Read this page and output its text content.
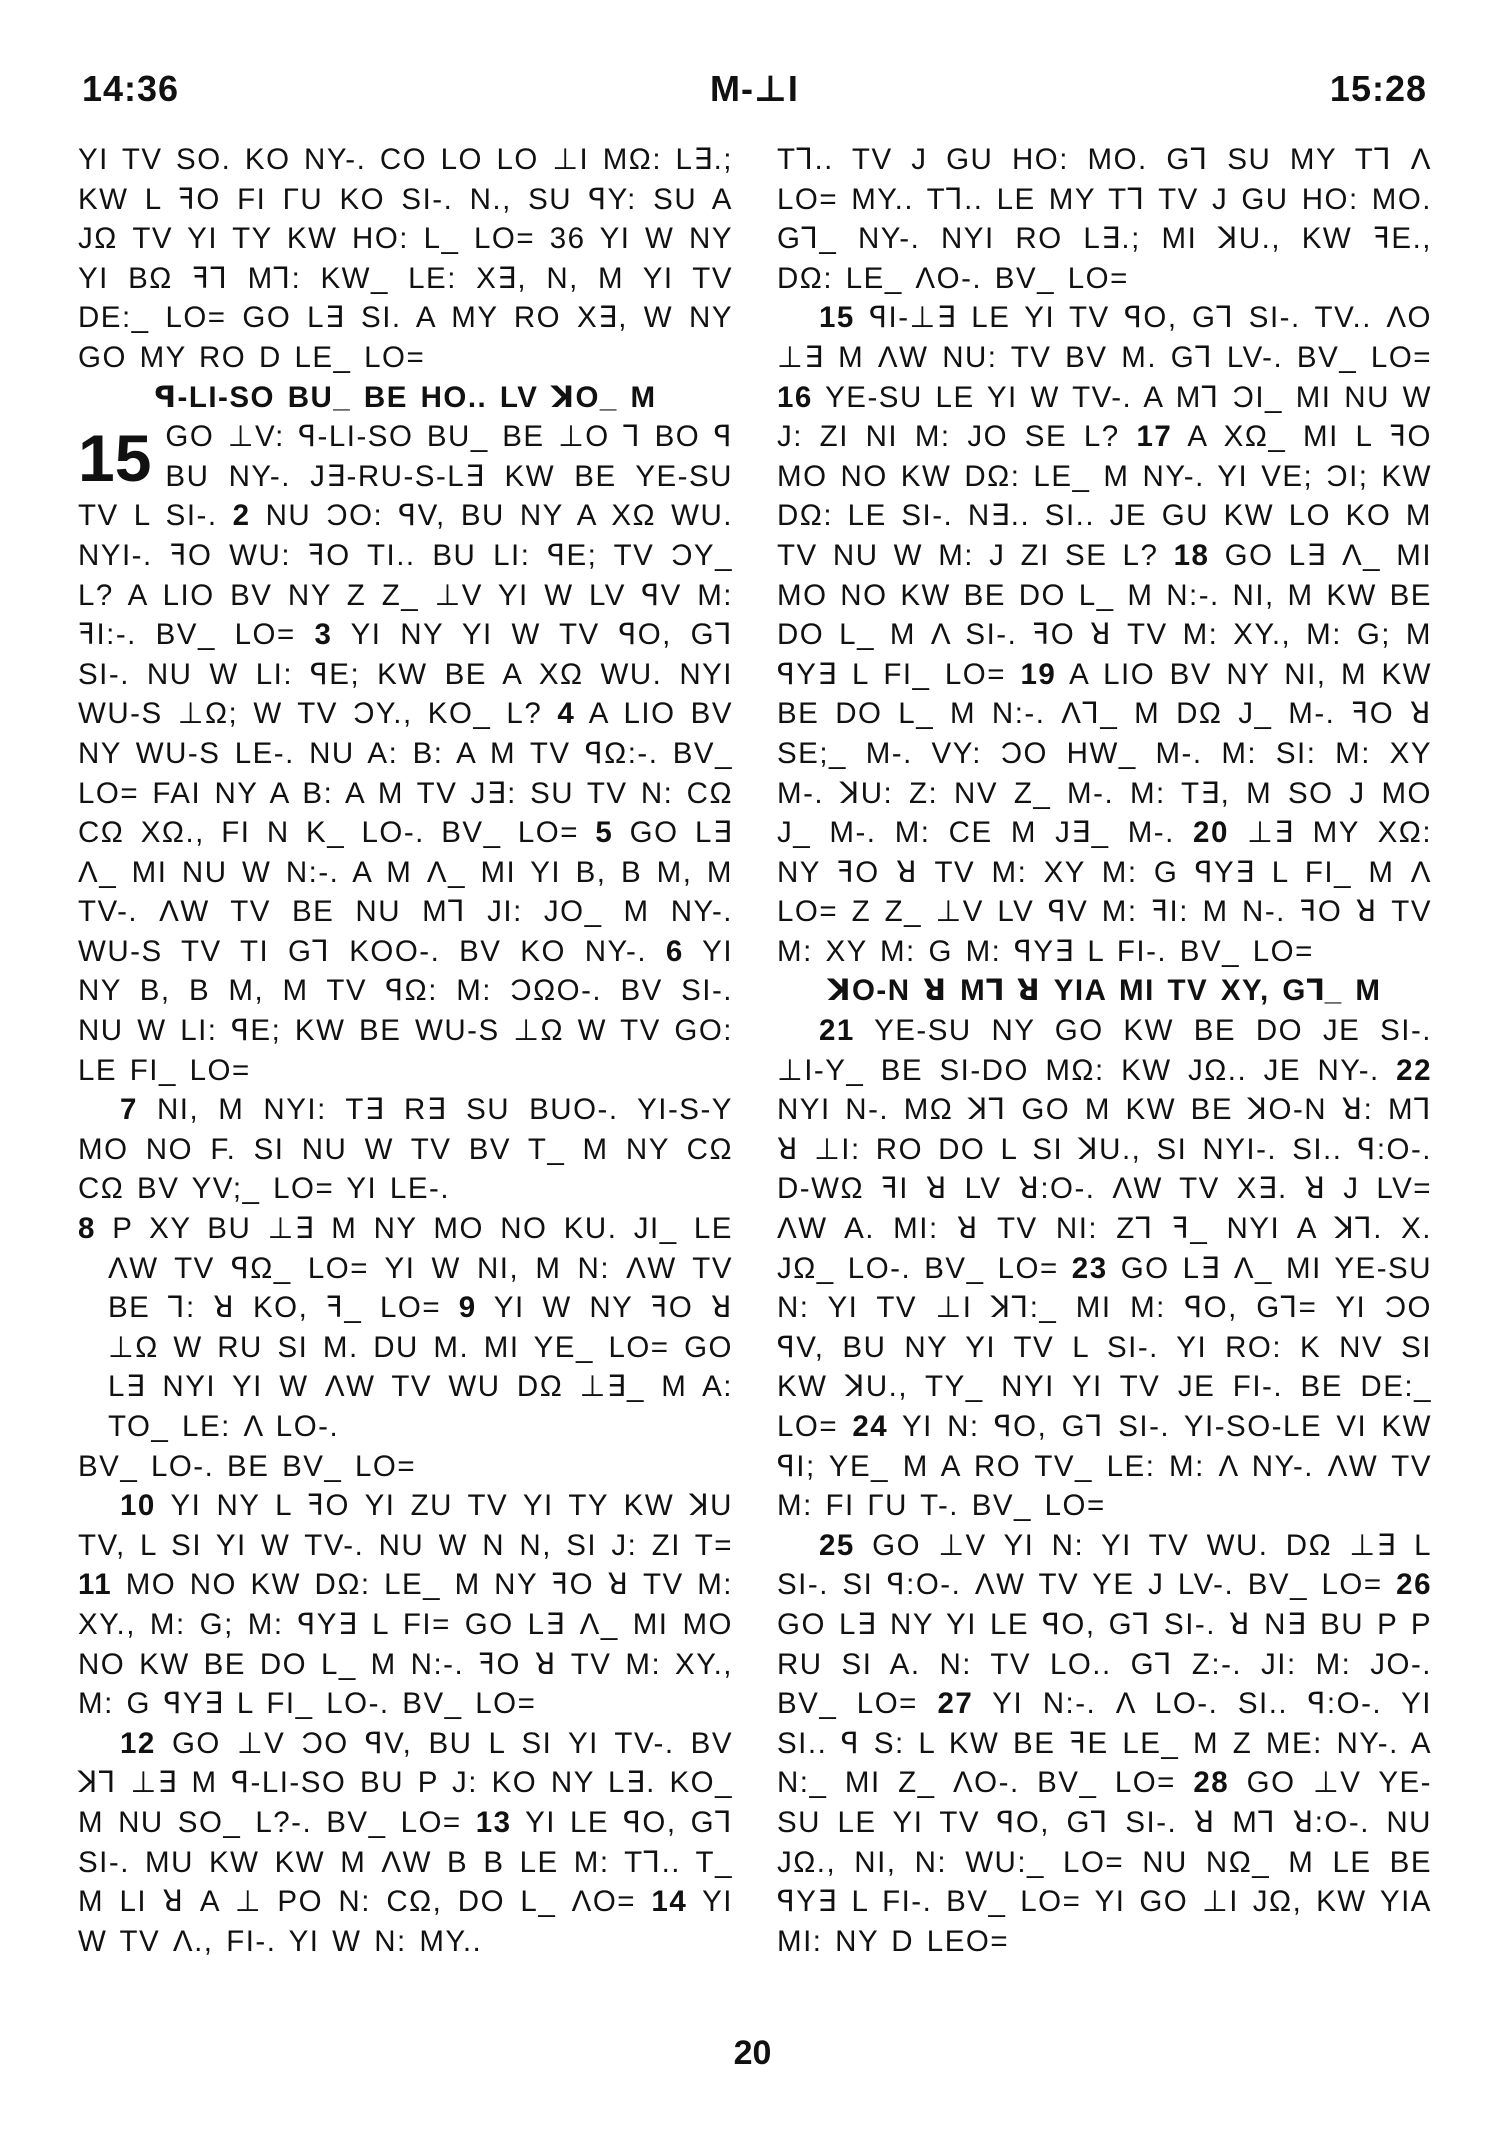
14:36	M-⊥I	15:28

YI TV SO. KO NY-. CO LO LO ⊥I MΩ: L∃.; KW L ꟻO FI ΓU KO SI-. N., SU ꟼY: SU A JΩ TV YI TY KW HO: L_ LO= 36 YI W NY YI BΩ ꟻ⅂ M⅂: KW_ LE: X∃, N, M YI TV DE:_ LO= GO L∃ SI. A MY RO X∃, W NY GO MY RO D LE_ LO=

ꟼ-LI-SO BU_ BE HO.. LV ꓘO_ M
15 GO ⊥V: ꟼ-LI-SO BU_ BE ⊥O ⅂ BO ꟼ BU NY-. J∃-RU-S-L∃ KW BE YE-SU TV L SI-. 2 NU ƆO: ꟼV, BU NY A XΩ WU. NYI-. ꟻO WU: ꟻO TI.. BU LI: ꟼE; TV ƆY_ L? A LIO BV NY Z Z_ ⊥V YI W LV ꟼV M: ꟻI:-. BV_ LO= 3 YI NY YI W TV ꟼO, G⅂ SI-. NU W LI: ꟼE; KW BE A XΩ WU. NYI WU-S ⊥Ω; W TV ƆY., KO_ L? 4 A LIO BV NY WU-S LE-. NU A: B: A M TV ꟼΩ:-. BV_ LO= FAI NY A B: A M TV J∃: SU TV N: CΩ CΩ XΩ., FI N K_ LO-. BV_ LO= 5 GO L∃ Λ_ MI NU W N:-. A M Λ_ MI YI B, B M, M TV-. ΛW TV BE NU M⅂ JI: JO_ M NY-. WU-S TV TI G⅂ KOO-. BV KO NY-. 6 YI NY B, B M, M TV ꟼΩ: M: ƆΩO-. BV SI-. NU W LI: ꟼE; KW BE WU-S ⊥Ω W TV GO: LE FI_ LO=

7 NI, M NYI: T∃ R∃ SU BUO-. YI-S-Y MO NO F. SI NU W TV BV T_ M NY CΩ CΩ BV YV;_ LO= YI LE-.

8 P XY BU ⊥∃ M NY MO NO KU. JI_ LE ΛW TV ꟼΩ_ LO= YI W NI, M N: ΛW TV BE ⅂: ꓤ KO, ꟻ_ LO= 9 YI W NY ꟻO ꓤ ⊥Ω W RU SI M. DU M. MI YE_ LO= GO L∃ NYI YI W ΛW TV WU DΩ ⊥∃_ M A: TO_ LE: Λ LO-.

BV_ LO-. BE BV_ LO=

10 YI NY L ꟻO YI ZU TV YI TY KW ꓘU TV, L SI YI W TV-. NU W N N, SI J: ZI T= 11 MO NO KW DΩ: LE_ M NY ꟻO ꓤ TV M: XY., M: G; M: ꟼY∃ L FI= GO L∃ Λ_ MI MO NO KW BE DO L_ M N:-. ꟻO ꓤ TV M: XY., M: G ꟼY∃ L FI_ LO-. BV_ LO=

12 GO ⊥V ƆO ꟼV, BU L SI YI TV-. BV ꓘ⅂ ⊥∃ M ꟼ-LI-SO BU P J: KO NY L∃. KO_ M NU SO_ L?-. BV_ LO= 13 YI LE ꟼO, G⅂ SI-. MU KW KW M ΛW B B LE M: T⅂.. T_ M LI ꓤ A ⊥ PO N: CΩ, DO L_ ΛO= 14 YI W TV Λ., FI-. YI W N: MY..

T⅂.. TV J GU HO: MO. G⅂ SU MY T⅂ Λ LO= MY.. T⅂.. LE MY T⅂ TV J GU HO: MO. G⅂_ NY-. NYI RO L∃.; MI ꓘU., KW ꟻE., DΩ: LE_ ΛO-. BV_ LO=

15 ꟼI-⊥∃ LE YI TV ꟼO, G⅂ SI-. TV.. ΛO ⊥∃ M ΛW NU: TV BV M. G⅂ LV-. BV_ LO= 16 YE-SU LE YI W TV-. A M⅂ ƆI_ MI NU W J: ZI NI M: JO SE L? 17 A XΩ_ MI L ꟻO MO NO KW DΩ: LE_ M NY-. YI VE; ƆI; KW DΩ: LE SI-. N∃.. SI.. JE GU KW LO KO M TV NU W M: J ZI SE L? 18 GO L∃ Λ_ MI MO NO KW BE DO L_ M N:-. NI, M KW BE DO L_ M Λ SI-. ꟻO ꓤ TV M: XY., M: G; M ꟼY∃ L FI_ LO= 19 A LIO BV NY NI, M KW BE DO L_ M N:-. Λ⅂_ M DΩ J_ M-. ꟻO ꓤ SE;_ M-. VY: ƆO HW_ M-. M: SI: M: XY M-. ꓘU: Z: NV Z_ M-. M: T∃, M SO J MO J_ M-. M: CE M J∃_ M-. 20 ⊥∃ MY XΩ: NY ꟻO ꓤ TV M: XY M: G ꟼY∃ L FI_ M Λ LO= Z Z_ ⊥V LV ꟼV M: ꟻI: M N-. ꟻO ꓤ TV M: XY M: G M: ꟼY∃ L FI-. BV_ LO=

ꓘO-N ꓤ M⅂ ꓤ YIA MI TV XY, G⅂_ M

21 YE-SU NY GO KW BE DO JE SI-. ⊥I-Y_ BE SI-DO MΩ: KW JΩ.. JE NY-. 22 NYI N-. MΩ ꓘ⅂ GO M KW BE ꓘO-N ꓤ: M⅂ ꓤ ⊥I: RO DO L SI ꓘU., SI NYI-. SI.. ꟼ:O-. D-WΩ ꟻI ꓤ LV ꓤ:O-. ΛW TV X∃. ꓤ J LV= ΛW A. MI: ꓤ TV NI: Z⅂ ꟻ_ NYI A ꓘ⅂. X. JΩ_ LO-. BV_ LO= 23 GO L∃ Λ_ MI YE-SU N: YI TV ⊥I ꓘ⅂:_ MI M: ꟼO, G⅂= YI ƆO ꟼV, BU NY YI TV L SI-. YI RO: K NV SI KW ꓘU., TY_ NYI YI TV JE FI-. BE DE:_ LO= 24 YI N: ꟼO, G⅂ SI-. YI-SO-LE VI KW ꟼI; YE_ M A RO TV_ LE: M: Λ NY-. ΛW TV M: FI ΓU T-. BV_ LO=

25 GO ⊥V YI N: YI TV WU. DΩ ⊥∃ L SI-. SI ꟼ:O-. ΛW TV YE J LV-. BV_ LO= 26 GO L∃ NY YI LE ꟼO, G⅂ SI-. ꓤ N∃ BU P P RU SI A. N: TV LO.. G⅂ Z:-. JI: M: JO-. BV_ LO= 27 YI N:-. Λ LO-. SI.. ꟼ:O-. YI SI.. ꟼ S: L KW BE ꟻE LE_ M Z ME: NY-. A N:_ MI Z_ ΛO-. BV_ LO= 28 GO ⊥V YE-SU LE YI TV ꟼO, G⅂ SI-. ꓤ M⅂ ꓤ:O-. NU JΩ., NI, N: WU:_ LO= NU NΩ_ M LE BE ꟼY∃ L FI-. BV_ LO= YI GO ⊥I JΩ, KW YIA MI: NY D LEO=

20
